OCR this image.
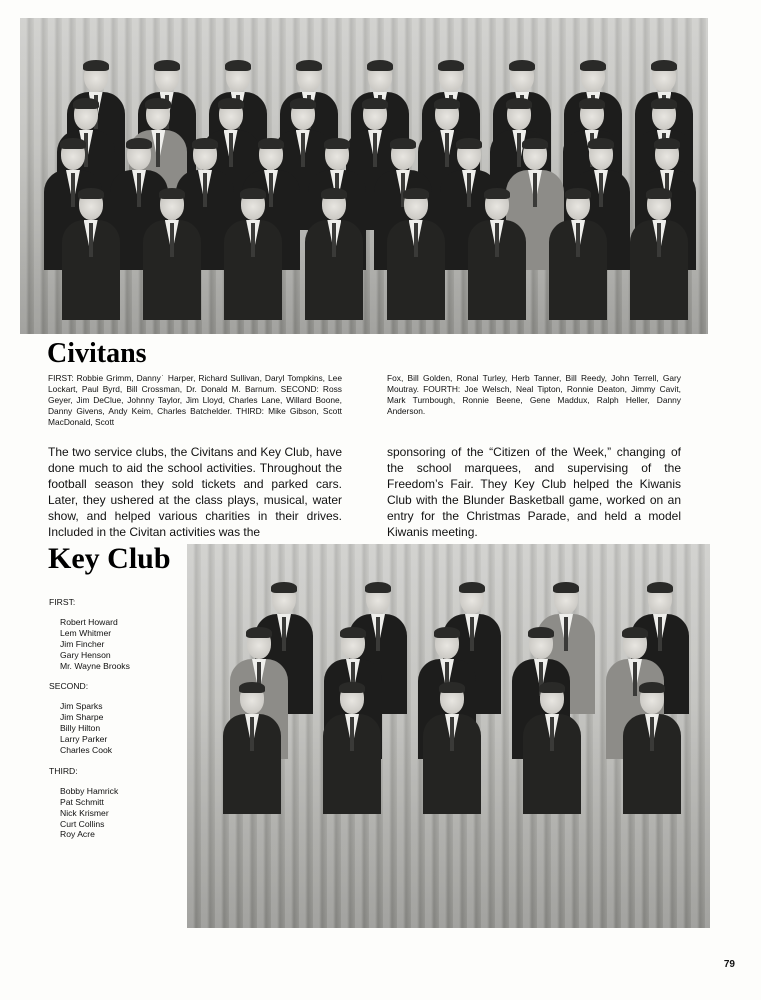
Civitans

FIRST: Robbie Grimm, Danny˙ Harper, Richard Sullivan, Daryl Tompkins, Lee Lockart, Paul Byrd, Bill Crossman, Dr. Donald M. Barnum. SECOND: Ross Geyer, Jim DeClue, Johnny Taylor, Jim Lloyd, Charles Lane, Willard Boone, Danny Givens, Andy Keim, Charles Batchelder. THIRD: Mike Gibson, Scott MacDonald, Scott

Fox, Bill Golden, Ronal Turley, Herb Tanner, Bill Reedy, John Terrell, Gary Moutray. FOURTH: Joe Welsch, Neal Tipton, Ronnie Deaton, Jimmy Cavit, Mark Turnbough, Ronnie Beene, Gene Maddux, Ralph Heller, Danny Anderson.

The two service clubs, the Civitans and Key Club, have done much to aid the school activities. Throughout the football season they sold tickets and parked cars. Later, they ushered at the class plays, musical, water show, and helped various charities in their drives. Included in the Civitan activities was the

sponsoring of the “Citizen of the Week,” changing of the school marquees, and supervising of the Freedom’s Fair. They Key Club helped the Kiwanis Club with the Blunder Basketball game, worked on an entry for the Christmas Parade, and held a model Kiwanis meeting.

Key Club

FIRST:

Robert Howard
Lem Whitmer
Jim Fincher
Gary Henson
Mr. Wayne Brooks

SECOND:

Jim Sparks
Jim Sharpe
Billy Hilton
Larry Parker
Charles Cook

THIRD:

Bobby Hamrick
Pat Schmitt
Nick Krismer
Curt Collins
Roy Acre
79
